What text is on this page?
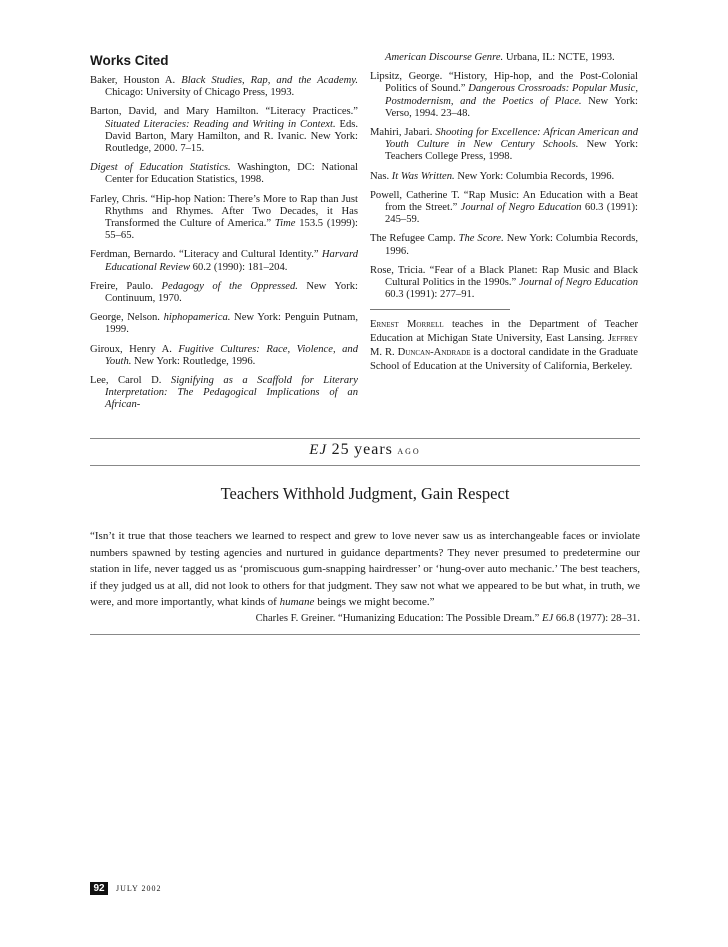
Works Cited

Baker, Houston A. Black Studies, Rap, and the Academy. Chicago: University of Chicago Press, 1993.

Barton, David, and Mary Hamilton. “Literacy Practices.” Situated Literacies: Reading and Writing in Context. Eds. David Barton, Mary Hamilton, and R. Ivanic. New York: Routledge, 2000. 7–15.

Digest of Education Statistics. Washington, DC: National Center for Education Statistics, 1998.

Farley, Chris. “Hip-hop Nation: There’s More to Rap than Just Rhythms and Rhymes. After Two Decades, it Has Transformed the Culture of America.” Time 153.5 (1999): 55–65.

Ferdman, Bernardo. “Literacy and Cultural Identity.” Harvard Educational Review 60.2 (1990): 181–204.

Freire, Paulo. Pedagogy of the Oppressed. New York: Continuum, 1970.

George, Nelson. hiphopamerica. New York: Penguin Putnam, 1999.

Giroux, Henry A. Fugitive Cultures: Race, Violence, and Youth. New York: Routledge, 1996.

Lee, Carol D. Signifying as a Scaffold for Literary Interpretation: The Pedagogical Implications of an African-

American Discourse Genre. Urbana, IL: NCTE, 1993.

Lipsitz, George. “History, Hip-hop, and the Post-Colonial Politics of Sound.” Dangerous Crossroads: Popular Music, Postmodernism, and the Poetics of Place. New York: Verso, 1994. 23–48.

Mahiri, Jabari. Shooting for Excellence: African American and Youth Culture in New Century Schools. New York: Teachers College Press, 1998.

Nas. It Was Written. New York: Columbia Records, 1996.

Powell, Catherine T. “Rap Music: An Education with a Beat from the Street.” Journal of Negro Education 60.3 (1991): 245–59.

The Refugee Camp. The Score. New York: Columbia Records, 1996.

Rose, Tricia. “Fear of a Black Planet: Rap Music and Black Cultural Politics in the 1990s.” Journal of Negro Education 60.3 (1991): 277–91.

Ernest Morrell teaches in the Department of Teacher Education at Michigan State University, East Lansing. Jeffrey M. R. Duncan-Andrade is a doctoral candidate in the Graduate School of Education at the University of California, Berkeley.

EJ 25 years ago
Teachers Withhold Judgment, Gain Respect

“Isn’t it true that those teachers we learned to respect and grew to love never saw us as interchangeable faces or inviolate numbers spawned by testing agencies and nurtured in guidance departments? They never presumed to predetermine our station in life, never tagged us as ‘promiscuous gum-snapping hairdresser’ or ‘hung-over auto mechanic.’ The best teachers, if they judged us at all, did not look to others for that judgment. They saw not what we appeared to be but what, in truth, we were, and more importantly, what kinds of humane beings we might become.”

Charles F. Greiner. “Humanizing Education: The Possible Dream.” EJ 66.8 (1977): 28–31.

92	JULY 2002
